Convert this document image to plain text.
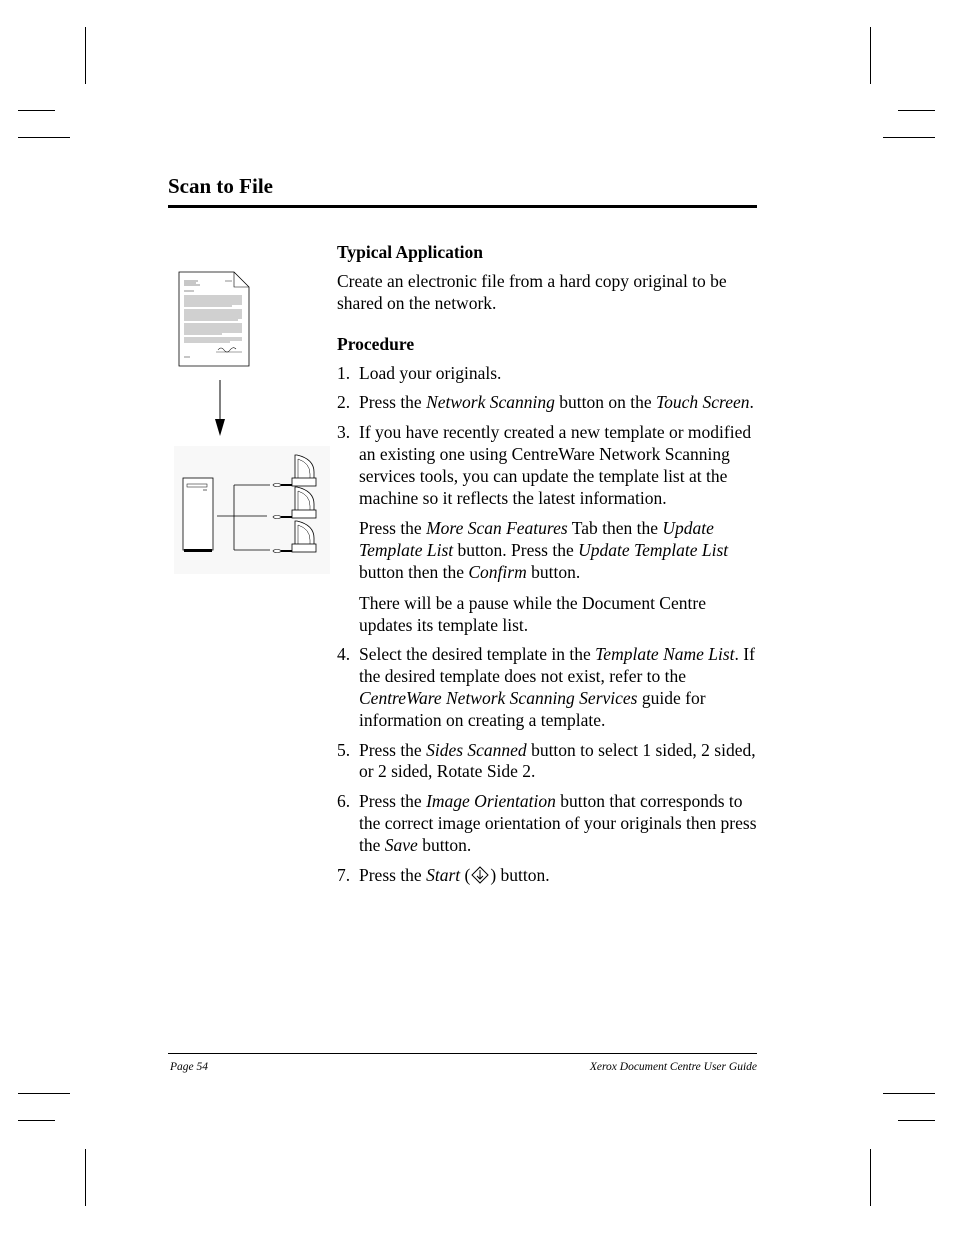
Scan to File
Typical Application

Create an electronic file from a hard copy original to be shared on the network.

Procedure
1. Load your originals.
2. Press the Network Scanning button on the Touch Screen.
3. If you have recently created a new template or modified an existing one using CentreWare Network Scanning services tools, you can update the template list at the machine so it reflects the latest information.

Press the More Scan Features Tab then the Update Template List button. Press the Update Template List button then the Confirm button.

There will be a pause while the Document Centre updates its template list.

4. Select the desired template in the Template Name List. If the desired template does not exist, refer to the CentreWare Network Scanning Services guide for information on creating a template.
5. Press the Sides Scanned button to select 1 sided, 2 sided, or 2 sided, Rotate Side 2.
6. Press the Image Orientation button that corresponds to the correct image orientation of your originals then press the Save button.
7. Press the Start ( ) button.
Page 54	Xerox Document Centre User Guide
